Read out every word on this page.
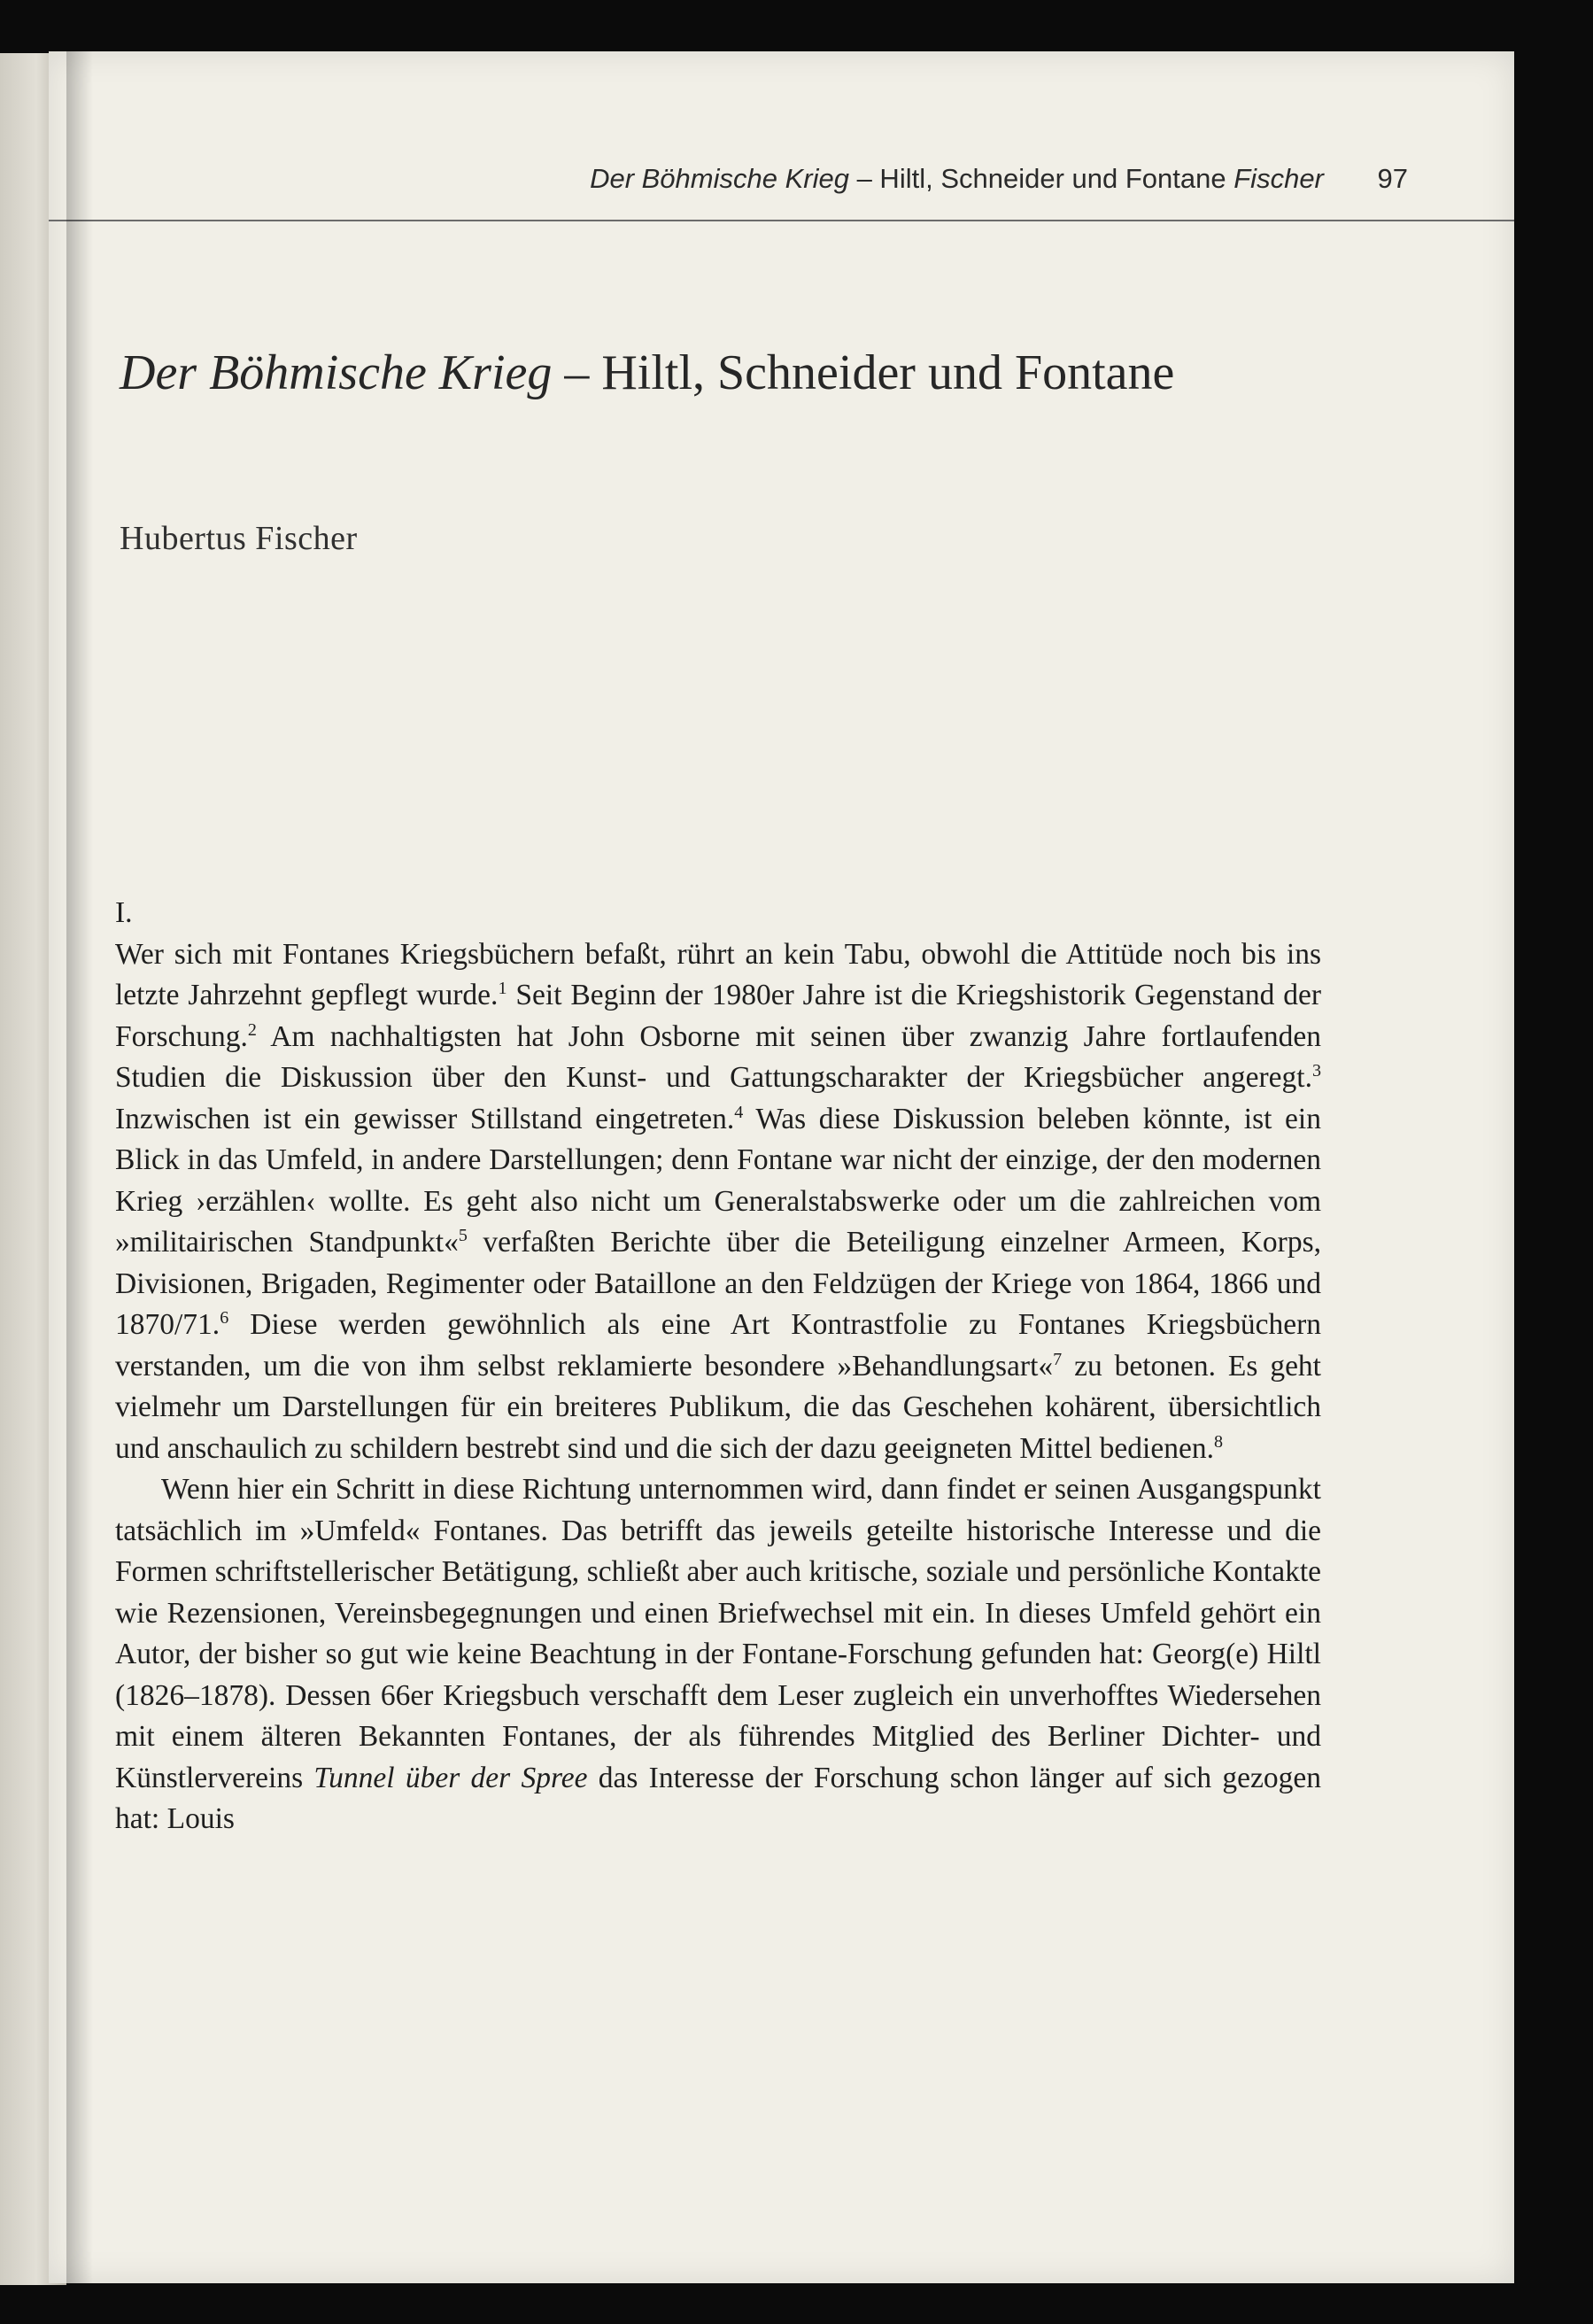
Der Böhmische Krieg – Hiltl, Schneider und Fontane Fischer 97
Der Böhmische Krieg – Hiltl, Schneider und Fontane
Hubertus Fischer

I.

Wer sich mit Fontanes Kriegsbüchern befaßt, rührt an kein Tabu, obwohl die Attitüde noch bis ins letzte Jahrzehnt gepflegt wurde.$^1$ Seit Beginn der 1980er Jahre ist die Kriegshistorik Gegenstand der Forschung.$^2$ Am nachhaltigsten hat John Osborne mit seinen über zwanzig Jahre fortlaufenden Studien die Diskussion über den Kunst- und Gattungscharakter der Kriegsbücher angeregt.$^3$ Inzwischen ist ein gewisser Stillstand eingetreten.$^4$ Was diese Diskussion beleben könnte, ist ein Blick in das Umfeld, in andere Darstellungen; denn Fontane war nicht der einzige, der den modernen Krieg ›erzählen‹ wollte. Es geht also nicht um Generalstabswerke oder um die zahlreichen vom »militairischen Standpunkt«$^5$ verfaßten Berichte über die Beteiligung einzelner Armeen, Korps, Divisionen, Brigaden, Regimenter oder Bataillone an den Feldzügen der Kriege von 1864, 1866 und 1870/71.$^6$ Diese werden gewöhnlich als eine Art Kontrastfolie zu Fontanes Kriegsbüchern verstanden, um die von ihm selbst reklamierte besondere »Behandlungsart«$^7$ zu betonen. Es geht vielmehr um Darstellungen für ein breiteres Publikum, die das Geschehen kohärent, übersichtlich und anschaulich zu schildern bestrebt sind und die sich der dazu geeigneten Mittel bedienen.$^8$

Wenn hier ein Schritt in diese Richtung unternommen wird, dann findet er seinen Ausgangspunkt tatsächlich im »Umfeld« Fontanes. Das betrifft das jeweils geteilte historische Interesse und die Formen schriftstellerischer Betätigung, schließt aber auch kritische, soziale und persönliche Kontakte wie Rezensionen, Vereinsbegegnungen und einen Briefwechsel mit ein. In dieses Umfeld gehört ein Autor, der bisher so gut wie keine Beachtung in der Fontane-Forschung gefunden hat: Georg(e) Hiltl (1826–1878). Dessen 66er Kriegsbuch verschafft dem Leser zugleich ein unverhofftes Wiedersehen mit einem älteren Bekannten Fontanes, der als führendes Mitglied des Berliner Dichter- und Künstlervereins Tunnel über der Spree das Interesse der Forschung schon länger auf sich gezogen hat: Louis
